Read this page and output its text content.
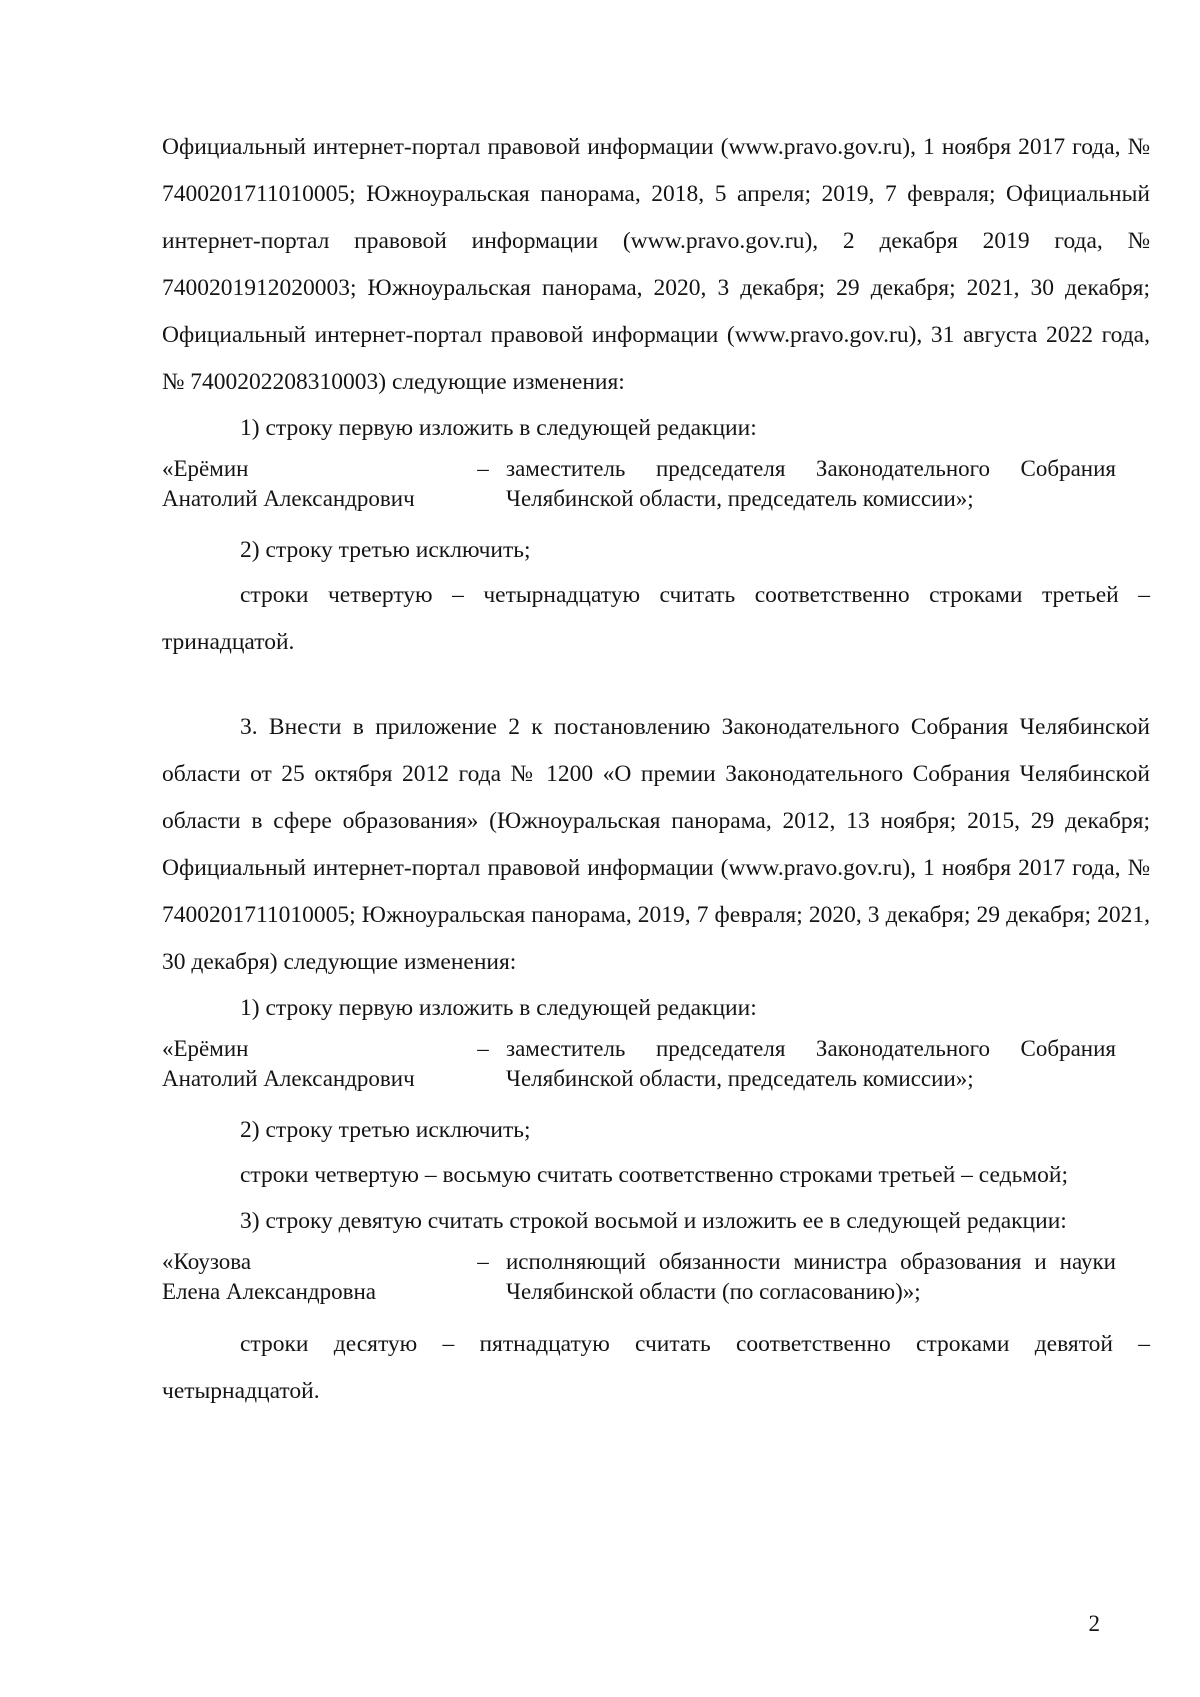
Официальный интернет-портал правовой информации (www.pravo.gov.ru), 1 ноября 2017 года, № 7400201711010005; Южноуральская панорама, 2018, 5 апреля; 2019, 7 февраля; Официальный интернет-портал правовой информации (www.pravo.gov.ru), 2 декабря 2019 года, № 7400201912020003; Южноуральская панорама, 2020, 3 декабря; 29 декабря; 2021, 30 декабря; Официальный интернет-портал правовой информации (www.pravo.gov.ru), 31 августа 2022 года, № 7400202208310003) следующие изменения:

1) строку первую изложить в следующей редакции:

«Ерёмин
Анатолий Александрович
– заместитель председателя Законодательного Собрания Челябинской области, председатель комиссии»;

2) строку третью исключить;

строки четвертую – четырнадцатую считать соответственно строками третьей – тринадцатой.

3. Внести в приложение 2 к постановлению Законодательного Собрания Челябинской области от 25 октября 2012 года № 1200 «О премии Законодательного Собрания Челябинской области в сфере образования» (Южноуральская панорама, 2012, 13 ноября; 2015, 29 декабря; Официальный интернет-портал правовой информации (www.pravo.gov.ru), 1 ноября 2017 года, № 7400201711010005; Южноуральская панорама, 2019, 7 февраля; 2020, 3 декабря; 29 декабря; 2021, 30 декабря) следующие изменения:

1) строку первую изложить в следующей редакции:

«Ерёмин
Анатолий Александрович
– заместитель председателя Законодательного Собрания Челябинской области, председатель комиссии»;

2) строку третью исключить;

строки четвертую – восьмую считать соответственно строками третьей – седьмой;

3) строку девятую считать строкой восьмой и изложить ее в следующей редакции:

«Коузова
Елена Александровна
– исполняющий обязанности министра образования и науки Челябинской области (по согласованию)»;

строки десятую – пятнадцатую считать соответственно строками девятой – четырнадцатой.

2
